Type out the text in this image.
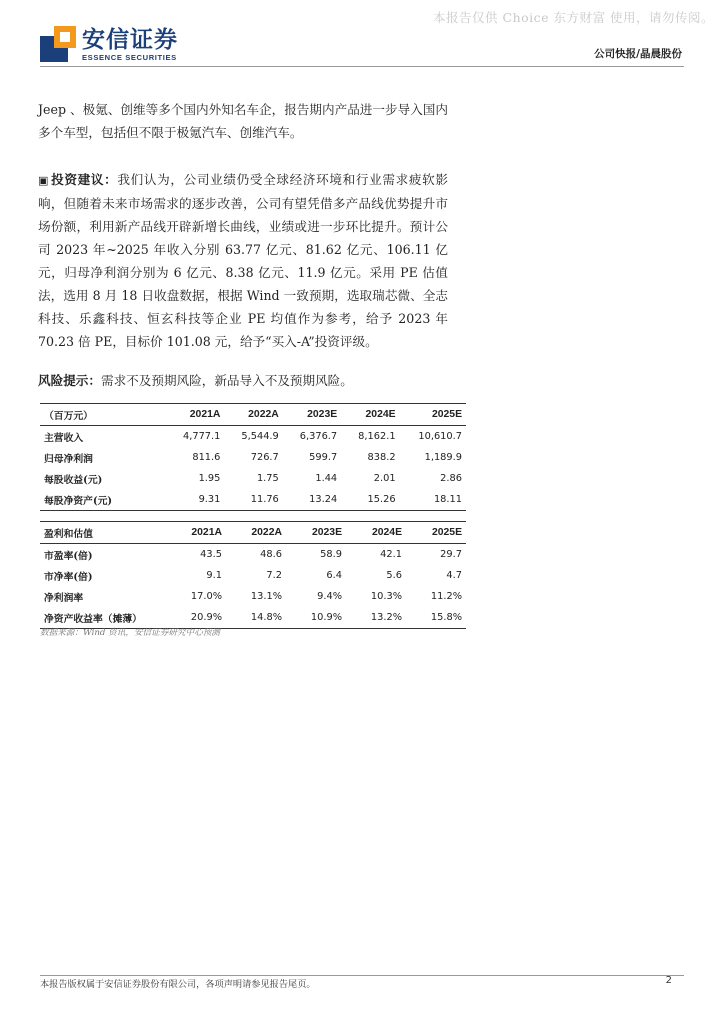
本报告仅供 Choice 东方财富 使用，请勿传阅。
安信证券
ESSENCE SECURITIES	公司快报/晶晨股份
Jeep 、极氪、创维等多个国内外知名车企，报告期内产品进一步导入国内多个车型，包括但不限于极氪汽车、创维汽车。
▣ 投资建议：我们认为，公司业绩仍受全球经济环境和行业需求疲软影响，但随着未来市场需求的逐步改善，公司有望凭借多产品线优势提升市场份额，利用新产品线开辟新增长曲线，业绩或进一步环比提升。预计公司 2023 年~2025 年收入分别 63.77 亿元、81.62 亿元、106.11 亿元，归母净利润分别为 6 亿元、8.38 亿元、11.9 亿元。采用 PE 估值法，选用 8 月 18 日收盘数据，根据 Wind 一致预期，选取瑞芯微、全志科技、乐鑫科技、恒玄科技等企业 PE 均值作为参考，给予 2023 年 70.23 倍 PE，目标价 101.08 元，给予“买入-A”投资评级。
风险提示：需求不及预期风险，新品导入不及预期风险。
（百万元）	2021A	2022A	2023E	2024E	2025E
主营收入	4,777.1	5,544.9	6,376.7	8,162.1	10,610.7
归母净利润	811.6	726.7	599.7	838.2	1,189.9
每股收益(元)	1.95	1.75	1.44	2.01	2.86
每股净资产(元)	9.31	11.76	13.24	15.26	18.11
盈利和估值	2021A	2022A	2023E	2024E	2025E
市盈率(倍)	43.5	48.6	58.9	42.1	29.7
市净率(倍)	9.1	7.2	6.4	5.6	4.7
净利润率	17.0%	13.1%	9.4%	10.3%	11.2%
净资产收益率（摊薄）	20.9%	14.8%	10.9%	13.2%	15.8%
数据来源：Wind 资讯，安信证券研究中心预测
本报告版权属于安信证券股份有限公司，各项声明请参见报告尾页。	2
